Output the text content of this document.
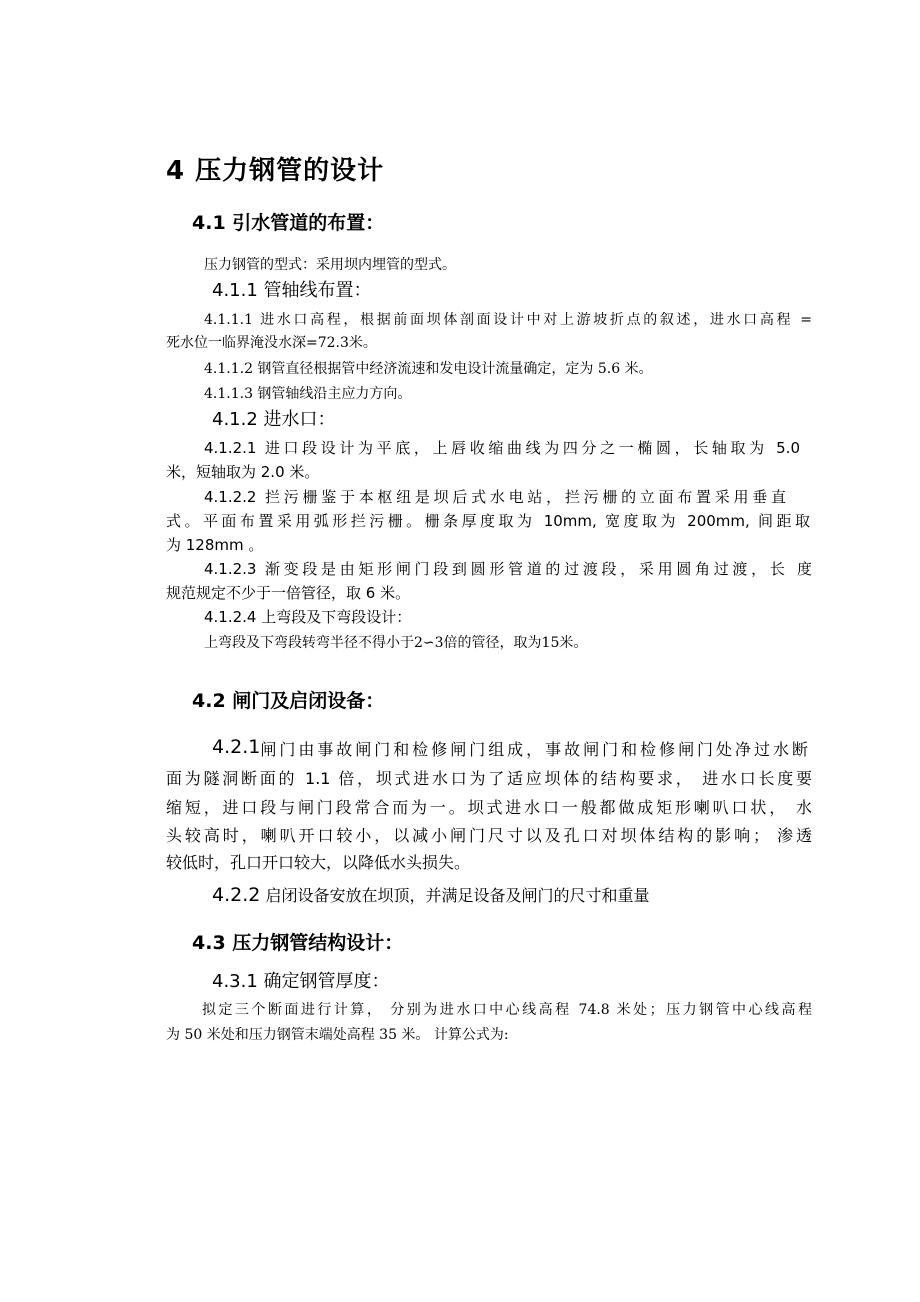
4 压力钢管的设计
4.1 引水管道的布置：
压力钢管的型式：采用坝内埋管的型式。
4.1.1 管轴线布置：
4.1.1.1 进水口高程，根据前面坝体剖面设计中对上游坡折点的叙述，进水口高程 =
死水位一临界淹没水深=72.3米。
4.1.1.2 钢管直径根据管中经济流速和发电设计流量确定，定为 5.6 米。
4.1.1.3 钢管轴线沿主应力方向。
4.1.2 进水口：
4.1.2.1 进口段设计为平底，上唇收缩曲线为四分之一椭圆，长轴取为 5.0
米，短轴取为 2.0 米。
4.1.2.2 拦污栅鉴于本枢纽是坝后式水电站，拦污栅的立面布置采用垂直
式。平面布置采用弧形拦污栅。栅条厚度取为 10mm, 宽度取为 200mm, 间距取
为 128mm 。
4.1.2.3 渐变段是由矩形闸门段到圆形管道的过渡段，采用圆角过渡，长 度
规范规定不少于一倍管径，取 6 米。
4.1.2.4 上弯段及下弯段设计：
上弯段及下弯段转弯半径不得小于2∽3倍的管径，取为15米。
4.2 闸门及启闭设备：
4.2.1 闸门由事故闸门和检修闸门组成，事故闸门和检修闸门处净过水断
面为隧洞断面的 1.1 倍，坝式进水口为了适应坝体的结构要求， 进水口长度要
缩短，进口段与闸门段常合而为一。坝式进水口一般都做成矩形喇叭口状， 水
头较高时，喇叭开口较小，以减小闸门尺寸以及孔口对坝体结构的影响； 渗透
较低时，孔口开口较大，以降低水头损失。
4.2.2 启闭设备安放在坝顶，并满足设备及闸门的尺寸和重量
4.3 压力钢管结构设计：
4.3.1 确定钢管厚度：
拟定三个断面进行计算， 分别为进水口中心线高程 74.8 米处；压力钢管中心线高程
为 50 米处和压力钢管末端处高程 35 米。 计算公式为:
